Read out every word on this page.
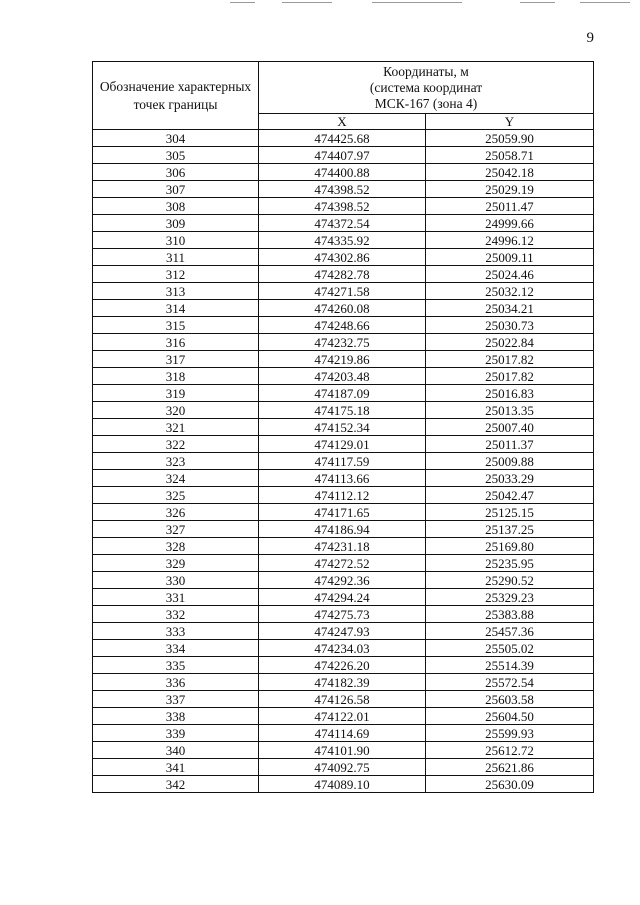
9
Обозначение характерных точек границы	Координаты, м
(система координат
МСК-167 (зона 4)	

	X	Y
304	474425.68	25059.90
305	474407.97	25058.71
306	474400.88	25042.18
307	474398.52	25029.19
308	474398.52	25011.47
309	474372.54	24999.66
310	474335.92	24996.12
311	474302.86	25009.11
312	474282.78	25024.46
313	474271.58	25032.12
314	474260.08	25034.21
315	474248.66	25030.73
316	474232.75	25022.84
317	474219.86	25017.82
318	474203.48	25017.82
319	474187.09	25016.83
320	474175.18	25013.35
321	474152.34	25007.40
322	474129.01	25011.37
323	474117.59	25009.88
324	474113.66	25033.29
325	474112.12	25042.47
326	474171.65	25125.15
327	474186.94	25137.25
328	474231.18	25169.80
329	474272.52	25235.95
330	474292.36	25290.52
331	474294.24	25329.23
332	474275.73	25383.88
333	474247.93	25457.36
334	474234.03	25505.02
335	474226.20	25514.39
336	474182.39	25572.54
337	474126.58	25603.58
338	474122.01	25604.50
339	474114.69	25599.93
340	474101.90	25612.72
341	474092.75	25621.86
342	474089.10	25630.09
